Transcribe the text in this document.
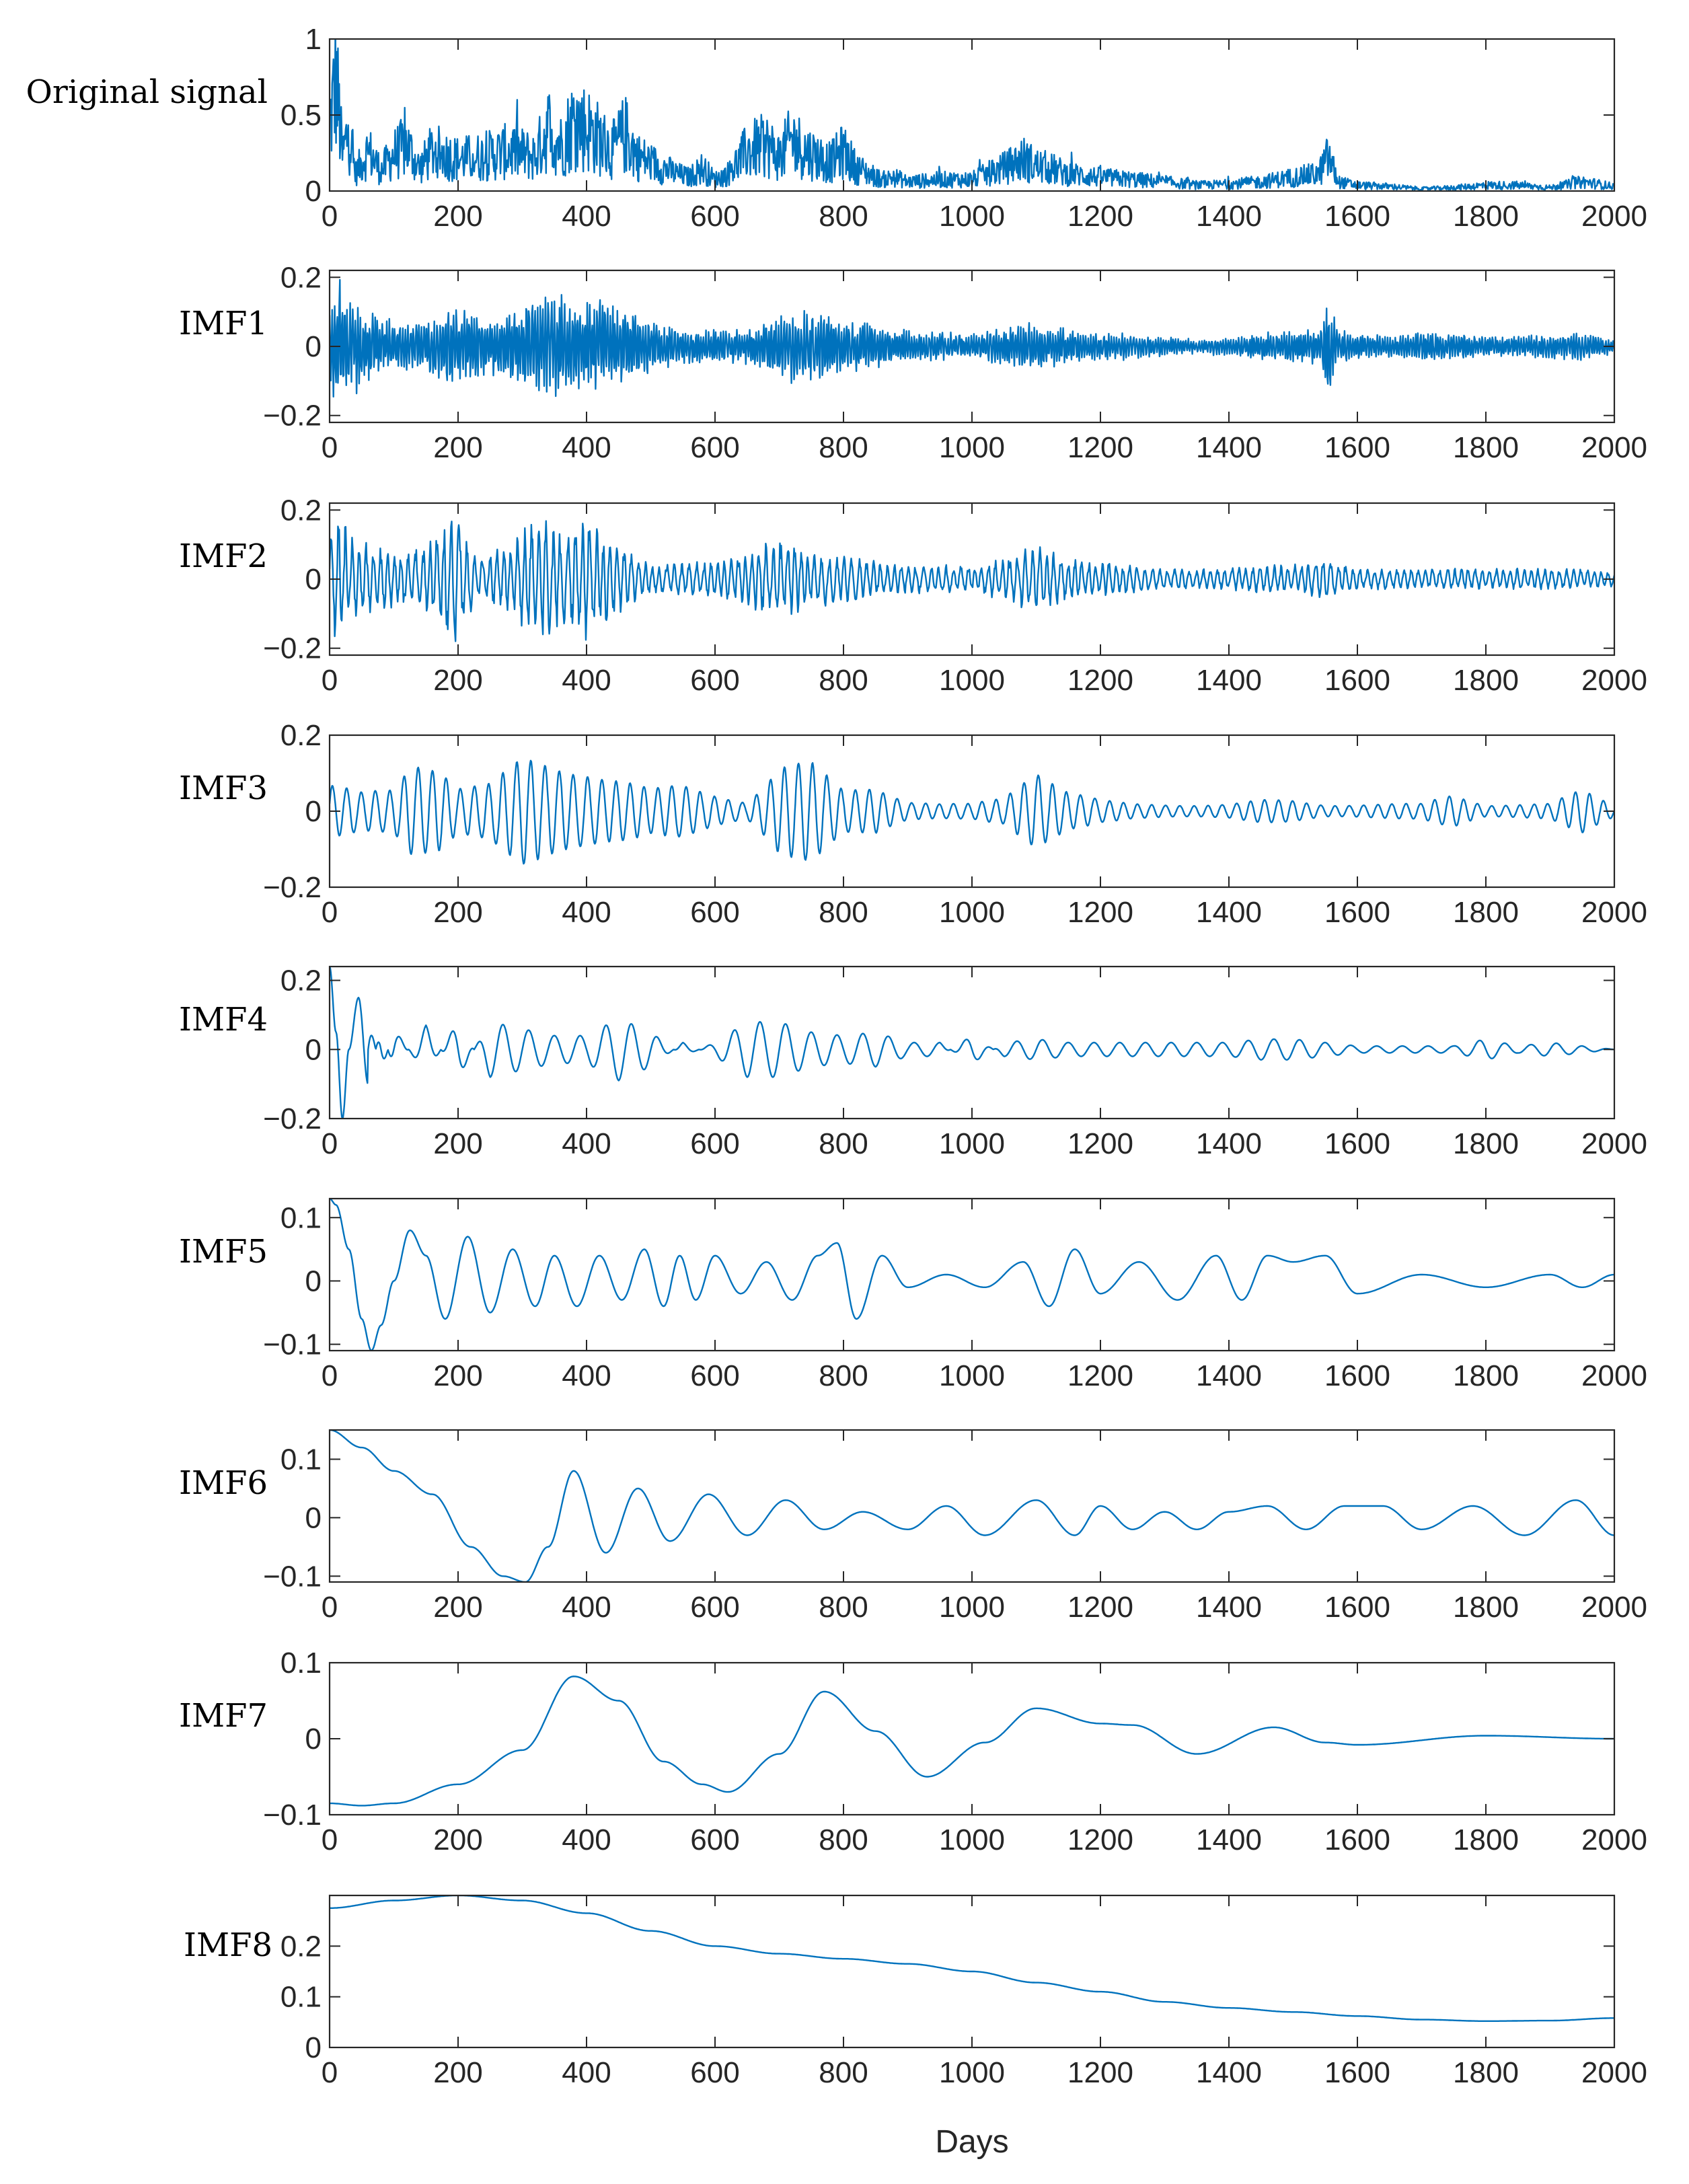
0	200	400	600	800 1000 1200 1400 1600 1800 2000
0
0.5
1
Original signal
0	200	400	600	800 1000 1200 1400 1600 1800 2000
−0.2
0
0.2
IMF1
0	200	400	600	800 1000 1200 1400 1600 1800 2000
−0.2
0
0.2
IMF2
0	200	400	600	800 1000 1200 1400 1600 1800 2000
−0.2
0
0.2
IMF3
0	200	400	600	800 1000 1200 1400 1600 1800 2000
−0.2
0
0.2
IMF4
0	200	400	600	800 1000 1200 1400 1600 1800 2000
−0.1
0
0.1
IMF5
0	200	400	600	800 1000 1200 1400 1600 1800 2000
−0.1
0
0.1
IMF6
0	200	400	600	800 1000 1200 1400 1600 1800 2000
−0.1
0
0.1
IMF7
0	200	400	600	800 1000 1200 1400 1600 1800 2000
0
0.1
0.2
IMF8
Days
